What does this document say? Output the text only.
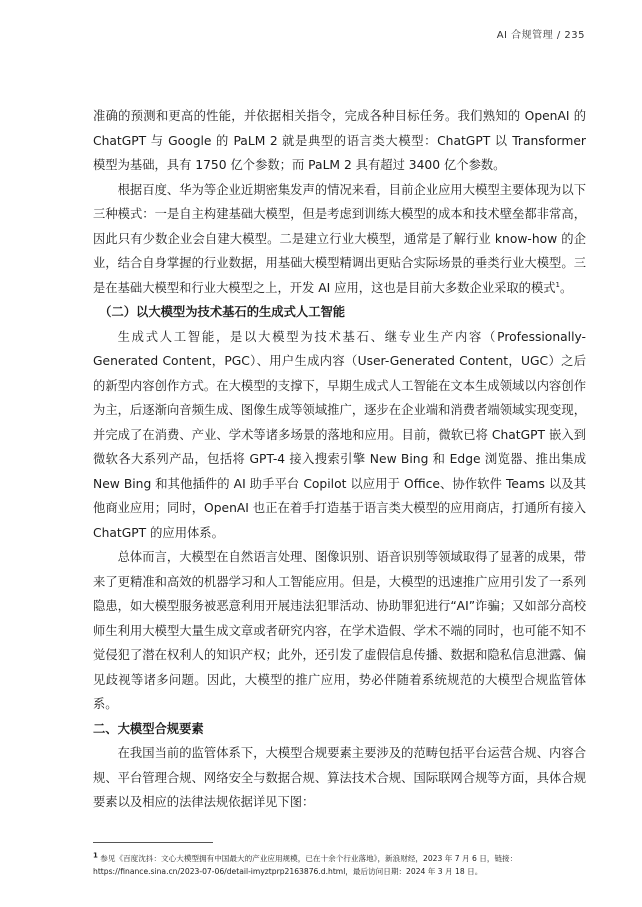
AI 合规管理 / 235

准确的预测和更高的性能，并依据相关指令，完成各种目标任务。我们熟知的 OpenAI 的 ChatGPT 与 Google 的 PaLM 2 就是典型的语言类大模型：ChatGPT 以 Transformer 模型为基础，具有 1750 亿个参数；而 PaLM 2 具有超过 3400 亿个参数。

根据百度、华为等企业近期密集发声的情况来看，目前企业应用大模型主要体现为以下三种模式：一是自主构建基础大模型，但是考虑到训练大模型的成本和技术壁垒都非常高，因此只有少数企业会自建大模型。二是建立行业大模型，通常是了解行业 know-how 的企业，结合自身掌握的行业数据，用基础大模型精调出更贴合实际场景的垂类行业大模型。三是在基础大模型和行业大模型之上，开发 AI 应用，这也是目前大多数企业采取的模式$^1$。

（二）以大模型为技术基石的生成式人工智能

生成式人工智能，是以大模型为技术基石、继专业生产内容（Professionally-Generated Content，PGC）、用户生成内容（User-Generated Content，UGC）之后的新型内容创作方式。在大模型的支撑下，早期生成式人工智能在文本生成领域以内容创作为主，后逐渐向音频生成、图像生成等领域推广，逐步在企业端和消费者端领域实现变现，并完成了在消费、产业、学术等诸多场景的落地和应用。目前，微软已将 ChatGPT 嵌入到微软各大系列产品，包括将 GPT-4 接入搜索引擎 New Bing 和 Edge 浏览器、推出集成 New Bing 和其他插件的 AI 助手平台 Copilot 以应用于 Office、协作软件 Teams 以及其他商业应用；同时，OpenAI 也正在着手打造基于语言类大模型的应用商店，打通所有接入 ChatGPT 的应用体系。

总体而言，大模型在自然语言处理、图像识别、语音识别等领域取得了显著的成果，带来了更精准和高效的机器学习和人工智能应用。但是，大模型的迅速推广应用引发了一系列隐患，如大模型服务被恶意利用开展违法犯罪活动、协助罪犯进行“AI”诈骗；又如部分高校师生利用大模型大量生成文章或者研究内容，在学术造假、学术不端的同时，也可能不知不觉侵犯了潜在权利人的知识产权；此外，还引发了虚假信息传播、数据和隐私信息泄露、偏见歧视等诸多问题。因此，大模型的推广应用，势必伴随着系统规范的大模型合规监管体系。

二、大模型合规要素

在我国当前的监管体系下，大模型合规要素主要涉及的范畴包括平台运营合规、内容合规、平台管理合规、网络安全与数据合规、算法技术合规、国际联网合规等方面，具体合规要素以及相应的法律法规依据详见下图：

$^1$ 参见《百度沈抖：文心大模型拥有中国最大的产业应用规模，已在十余个行业落地》，新浪财经，2023 年 7 月 6 日，链接：https://finance.sina.cn/2023-07-06/detail-imyztprp2163876.d.html，最后访问日期：2024 年 3 月 18 日。
